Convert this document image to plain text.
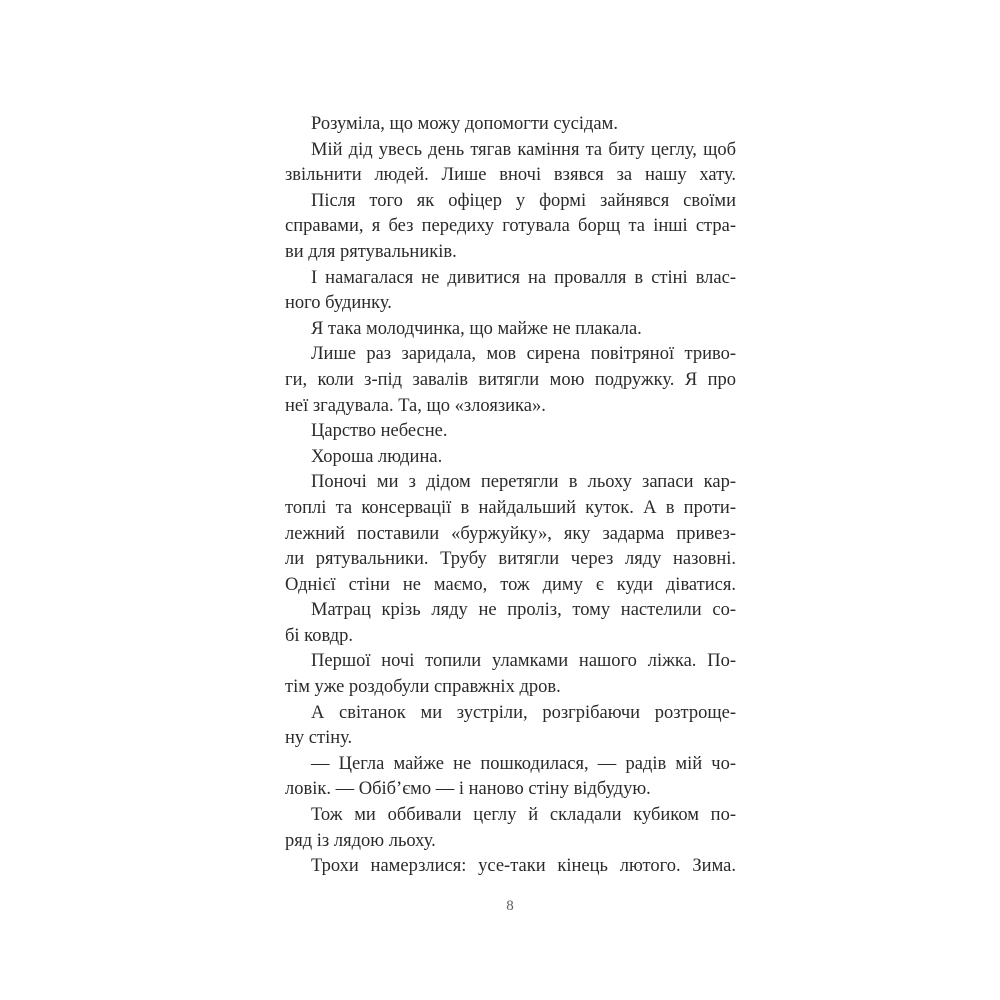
Розуміла, що можу допомогти сусідам.
Мій дід увесь день тягав каміння та биту цеглу, щоб
звільнити людей. Лише вночі взявся за нашу хату.
Після того як офіцер у формі зайнявся своїми
справами, я без передиху готувала борщ та інші стра-
ви для рятувальників.
І намагалася не дивитися на провалля в стіні влас-
ного будинку.
Я така молодчинка, що майже не плакала.
Лише раз заридала, мов сирена повітряної триво-
ги, коли з-під завалів витягли мою подружку. Я про
неї згадувала. Та, що «злоязика».
Царство небесне.
Хороша людина.
Поночі ми з дідом перетягли в льоху запаси кар-
топлі та консервації в найдальший куток. А в проти-
лежний поставили «буржуйку», яку задарма привез-
ли рятувальники. Трубу витягли через ляду назовні.
Однієї стіни не маємо, тож диму є куди діватися.
Матрац крізь ляду не проліз, тому настелили со-
бі ковдр.
Першої ночі топили уламками нашого ліжка. По-
тім уже роздобули справжніх дров.
А світанок ми зустріли, розгрібаючи розтроще-
ну стіну.
— Цегла майже не пошкодилася, — радів мій чо-
ловік. — Обіб’ємо — і наново стіну відбудую.
Тож ми оббивали цеглу й складали кубиком по-
ряд із лядою льоху.
Трохи намерзлися: усе-таки кінець лютого. Зима.
8
